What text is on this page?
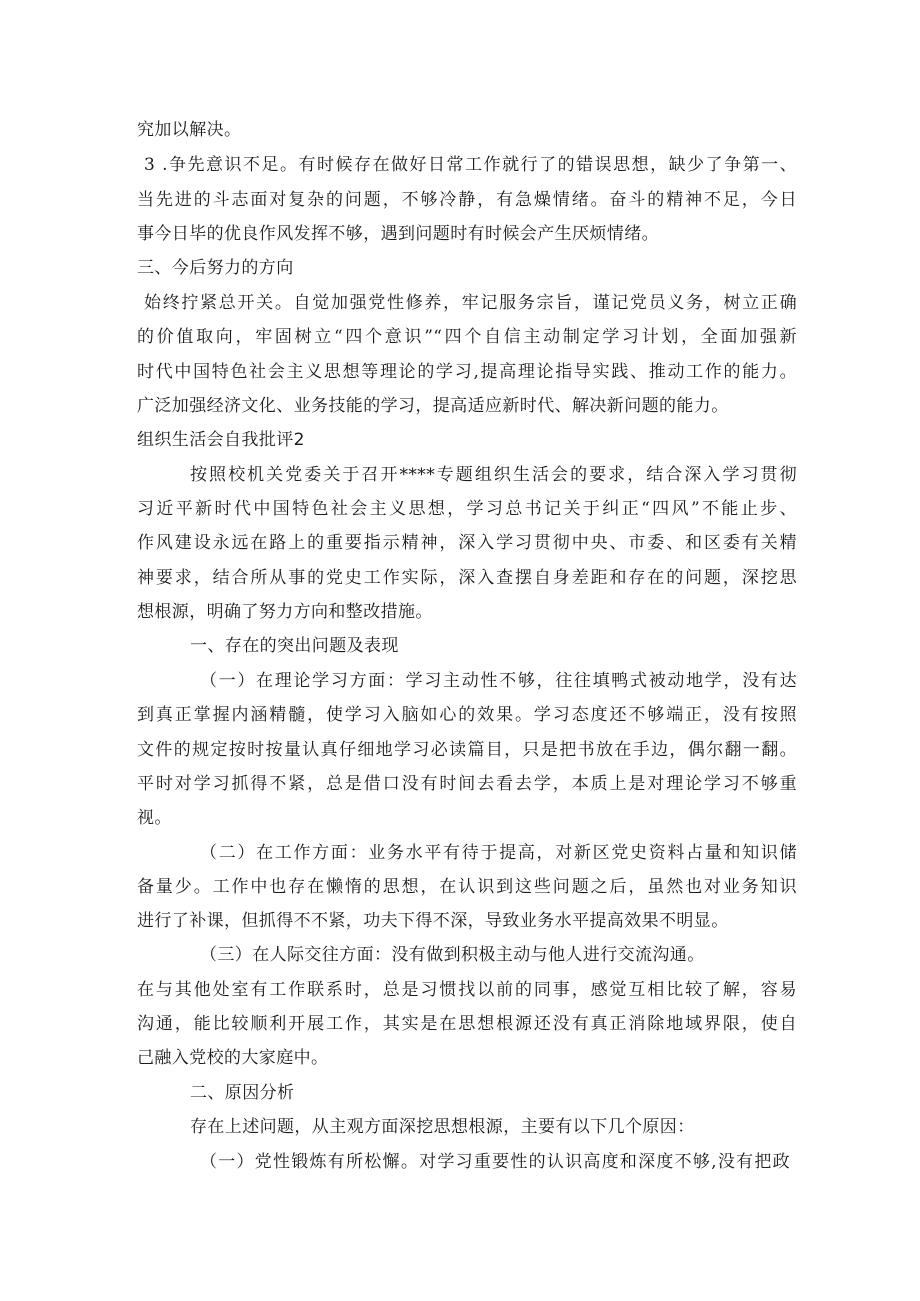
究加以解决。
3 .争先意识不足。有时候存在做好日常工作就行了的错误思想，缺少了争第一、
当先进的斗志面对复杂的问题，不够冷静，有急燥情绪。奋斗的精神不足，今日
事今日毕的优良作风发挥不够，遇到问题时有时候会产生厌烦情绪。
三、今后努力的方向
始终拧紧总开关。自觉加强党性修养，牢记服务宗旨，谨记党员义务，树立正确
的价值取向，牢固树立“四个意识”“四个自信主动制定学习计划，全面加强新
时代中国特色社会主义思想等理论的学习,提高理论指导实践、推动工作的能力。
广泛加强经济文化、业务技能的学习，提高适应新时代、解决新问题的能力。
组织生活会自我批评2
按照校机关党委关于召开****专题组织生活会的要求，结合深入学习贯彻
习近平新时代中国特色社会主义思想，学习总书记关于纠正“四风”不能止步、
作风建设永远在路上的重要指示精神，深入学习贯彻中央、市委、和区委有关精
神要求，结合所从事的党史工作实际，深入查摆自身差距和存在的问题，深挖思
想根源，明确了努力方向和整改措施。
一、存在的突出问题及表现
（一）在理论学习方面：学习主动性不够，往往填鸭式被动地学，没有达
到真正掌握内涵精髓，使学习入脑如心的效果。学习态度还不够端正，没有按照
文件的规定按时按量认真仔细地学习必读篇目，只是把书放在手边，偶尔翻一翻。
平时对学习抓得不紧，总是借口没有时间去看去学，本质上是对理论学习不够重
视。
（二）在工作方面：业务水平有待于提高，对新区党史资料占量和知识储
备量少。工作中也存在懒惰的思想，在认识到这些问题之后，虽然也对业务知识
进行了补课，但抓得不不紧，功夫下得不深，导致业务水平提高效果不明显。
（三）在人际交往方面：没有做到积极主动与他人进行交流沟通。
在与其他处室有工作联系时，总是习惯找以前的同事，感觉互相比较了解，容易
沟通，能比较顺利开展工作，其实是在思想根源还没有真正消除地域界限，使自
己融入党校的大家庭中。
二、原因分析
存在上述问题，从主观方面深挖思想根源，主要有以下几个原因：
（一）党性锻炼有所松懈。对学习重要性的认识高度和深度不够,没有把政
